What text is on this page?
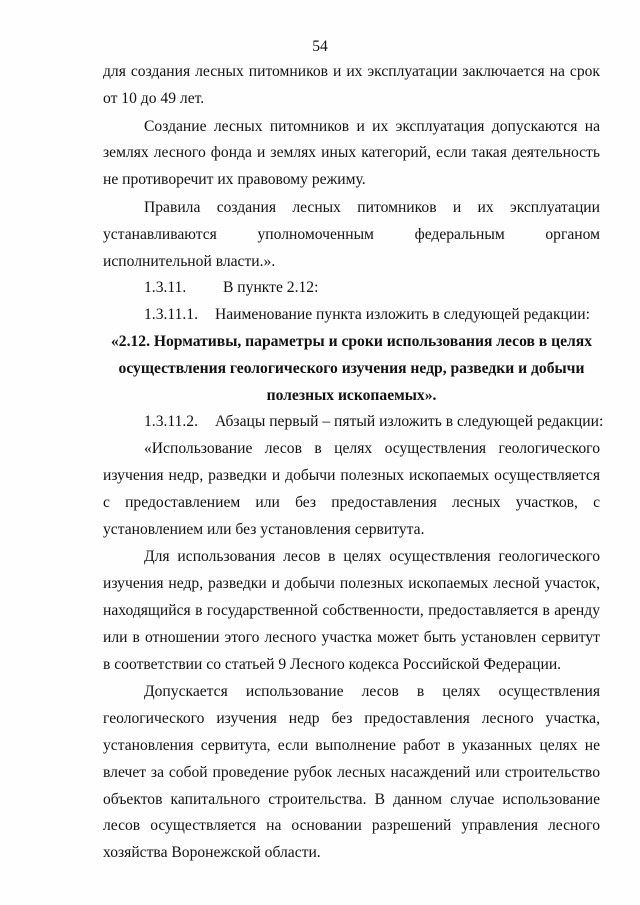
54

для создания лесных питомников и их эксплуатации заключается на срок от 10 до 49 лет.

Создание лесных питомников и их эксплуатация допускаются на землях лесного фонда и землях иных категорий, если такая деятельность не противоречит их правовому режиму.

Правила создания лесных питомников и их эксплуатации устанавливаются уполномоченным федеральным органом исполнительной власти.».

1.3.11. В пункте 2.12:

1.3.11.1. Наименование пункта изложить в следующей редакции:

«2.12. Нормативы, параметры и сроки использования лесов в целях

осуществления геологического изучения недр, разведки и добычи

полезных ископаемых».

1.3.11.2. Абзацы первый – пятый изложить в следующей редакции:

«Использование лесов в целях осуществления геологического изучения недр, разведки и добычи полезных ископаемых осуществляется с предоставлением или без предоставления лесных участков, с установлением или без установления сервитута.

Для использования лесов в целях осуществления геологического изучения недр, разведки и добычи полезных ископаемых лесной участок, находящийся в государственной собственности, предоставляется в аренду или в отношении этого лесного участка может быть установлен сервитут в соответствии со статьей 9 Лесного кодекса Российской Федерации.

Допускается использование лесов в целях осуществления геологического изучения недр без предоставления лесного участка, установления сервитута, если выполнение работ в указанных целях не влечет за собой проведение рубок лесных насаждений или строительство объектов капитального строительства. В данном случае использование лесов осуществляется на основании разрешений управления лесного хозяйства Воронежской области.
